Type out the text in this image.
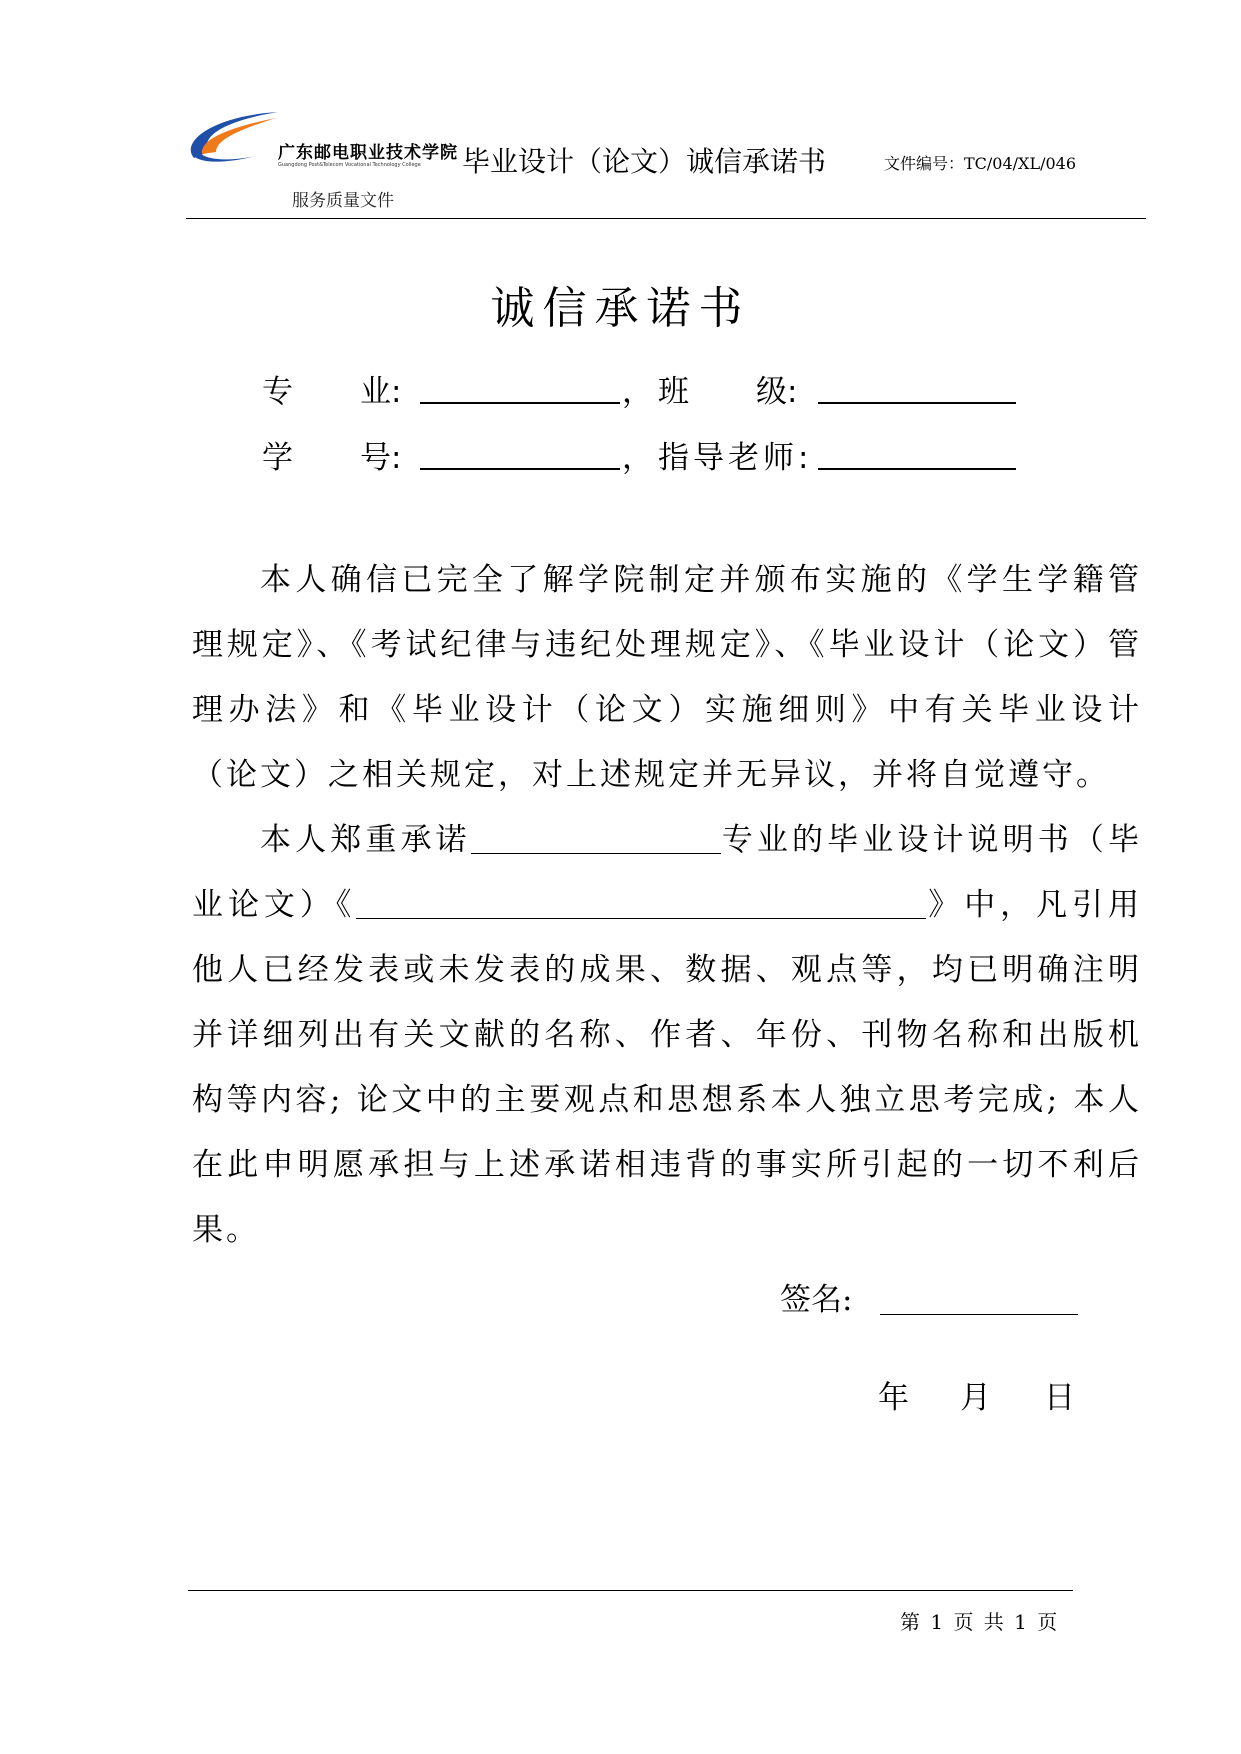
广东邮电职业技术学院
Guangdong Post&Telecom Vocational Technology College
服务质量文件
毕业设计（论文）诚信承诺书	文件编号：TC/04/XL/046
诚信承诺书
专 业:	， 班 级:
学 号:	， 指导老师:

本人确信已完全了解学院制定并颁布实施的《学生学籍管理规定》、《考试纪律与违纪处理规定》、《毕业设计（论文）管理办法》和《毕业设计（论文）实施细则》中有关毕业设计（论文）之相关规定，对上述规定并无异议，并将自觉遵守。

本人郑重承诺	专业的毕业设计说明书（毕业论文）《	》中，凡引用他人已经发表或未发表的成果、数据、观点等，均已明确注明并详细列出有关文献的名称、作者、年份、刊物名称和出版机构等内容; 论文中的主要观点和思想系本人独立思考完成; 本人在此申明愿承担与上述承诺相违背的事实所引起的一切不利后果。

签名:
年 月 日
第 1 页 共 1 页
